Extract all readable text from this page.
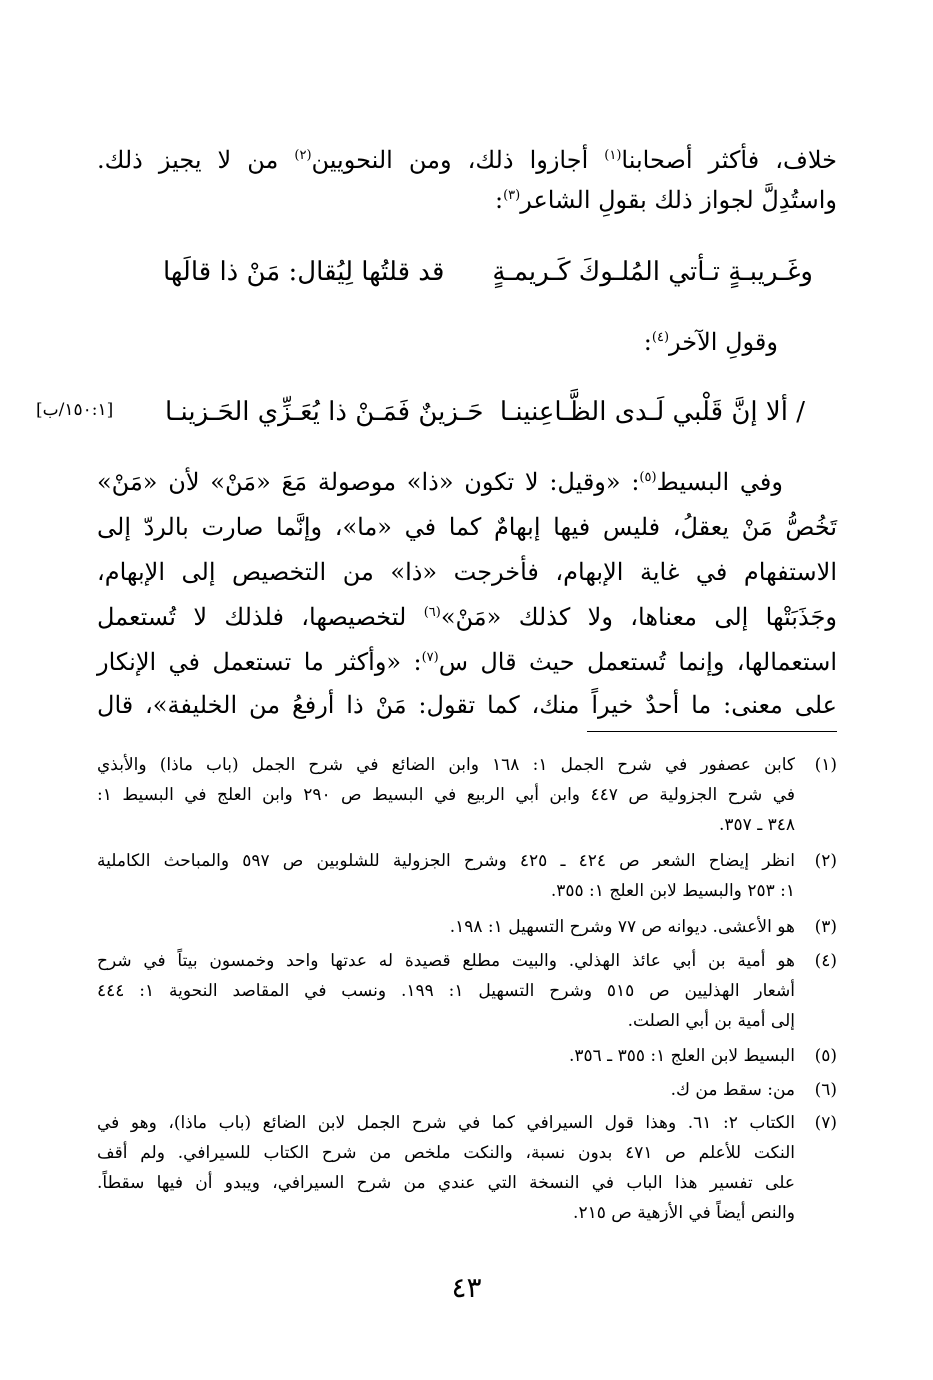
خلاف، فأكثر أصحابنا$^{(١)}$ أجازوا ذلك، ومن النحويين$^{(٢)}$ من لا يجيز ذلك.
واستُدِلَّ لجواز ذلك بقولِ الشاعر$^{(٣)}$:
وغَـريبـةٍ تـأتي المُلـوكَ كَـريمـةٍ
قد قلتُها لِيُقال: مَنْ ذا قالَها
وقولِ الآخر$^{(٤)}$:
/ ألا إنَّ قَلْبي لَـدى الظَّـاعِنينـا
حَـزينٌ فَمَـنْ ذا يُعَـزِّي الحَـزينـا
[١٥٠:١/ب]
وفي البسيط$^{(٥)}$: «وقيل: لا تكون «ذا» موصولة مَعَ «مَنْ» لأن «مَنْ»
تَخُصُّ مَنْ يعقلُ، فليس فيها إبهامٌ كما في «ما»، وإنَّما صارت بالردّ إلى
الاستفهام في غاية الإبهام، فأخرجت «ذا» من التخصيص إلى الإبهام،
وجَذَبَتْها إلى معناها، ولا كذلك «مَنْ»$^{(٦)}$ لتخصيصها، فلذلك لا تُستعمل
استعمالها، وإنما تُستعمل حيث قال س$^{(٧)}$: «وأكثر ما تستعمل في الإنكار
على معنى: ما أحدٌ خيراً منك، كما تقول: مَنْ ذا أرفعُ من الخليفة»، قال
(١)
كابن عصفور في شرح الجمل ١: ١٦٨ وابن الضائع في شرح الجمل (باب ماذا) والأبذي
في شرح الجزولية ص ٤٤٧ وابن أبي الربيع في البسيط ص ٢٩٠ وابن العلج في البسيط ١:
٣٤٨ ـ ٣٥٧.
(٢)
انظر إيضاح الشعر ص ٤٢٤ ـ ٤٢٥ وشرح الجزولية للشلوبين ص ٥٩٧ والمباحث الكاملية
١: ٢٥٣ والبسيط لابن العلج ١: ٣٥٥.
(٣)
هو الأعشى. ديوانه ص ٧٧ وشرح التسهيل ١: ١٩٨.
(٤)
هو أمية بن أبي عائذ الهذلي. والبيت مطلع قصيدة له عدتها واحد وخمسون بيتاً في شرح
أشعار الهذليين ص ٥١٥ وشرح التسهيل ١: ١٩٩. ونسب في المقاصد النحوية ١: ٤٤٤
إلى أمية بن أبي الصلت.
(٥)
البسيط لابن العلج ١: ٣٥٥ ـ ٣٥٦.
(٦)
من: سقط من ك.
(٧)
الكتاب ٢: ٦١. وهذا قول السيرافي كما في شرح الجمل لابن الضائع (باب ماذا)، وهو في
النكت للأعلم ص ٤٧١ بدون نسبة، والنكت ملخص من شرح الكتاب للسيرافي. ولم أقف
على تفسير هذا الباب في النسخة التي عندي من شرح السيرافي، ويبدو أن فيها سقطاً.
والنص أيضاً في الأزهية ص ٢١٥.
٤٣
